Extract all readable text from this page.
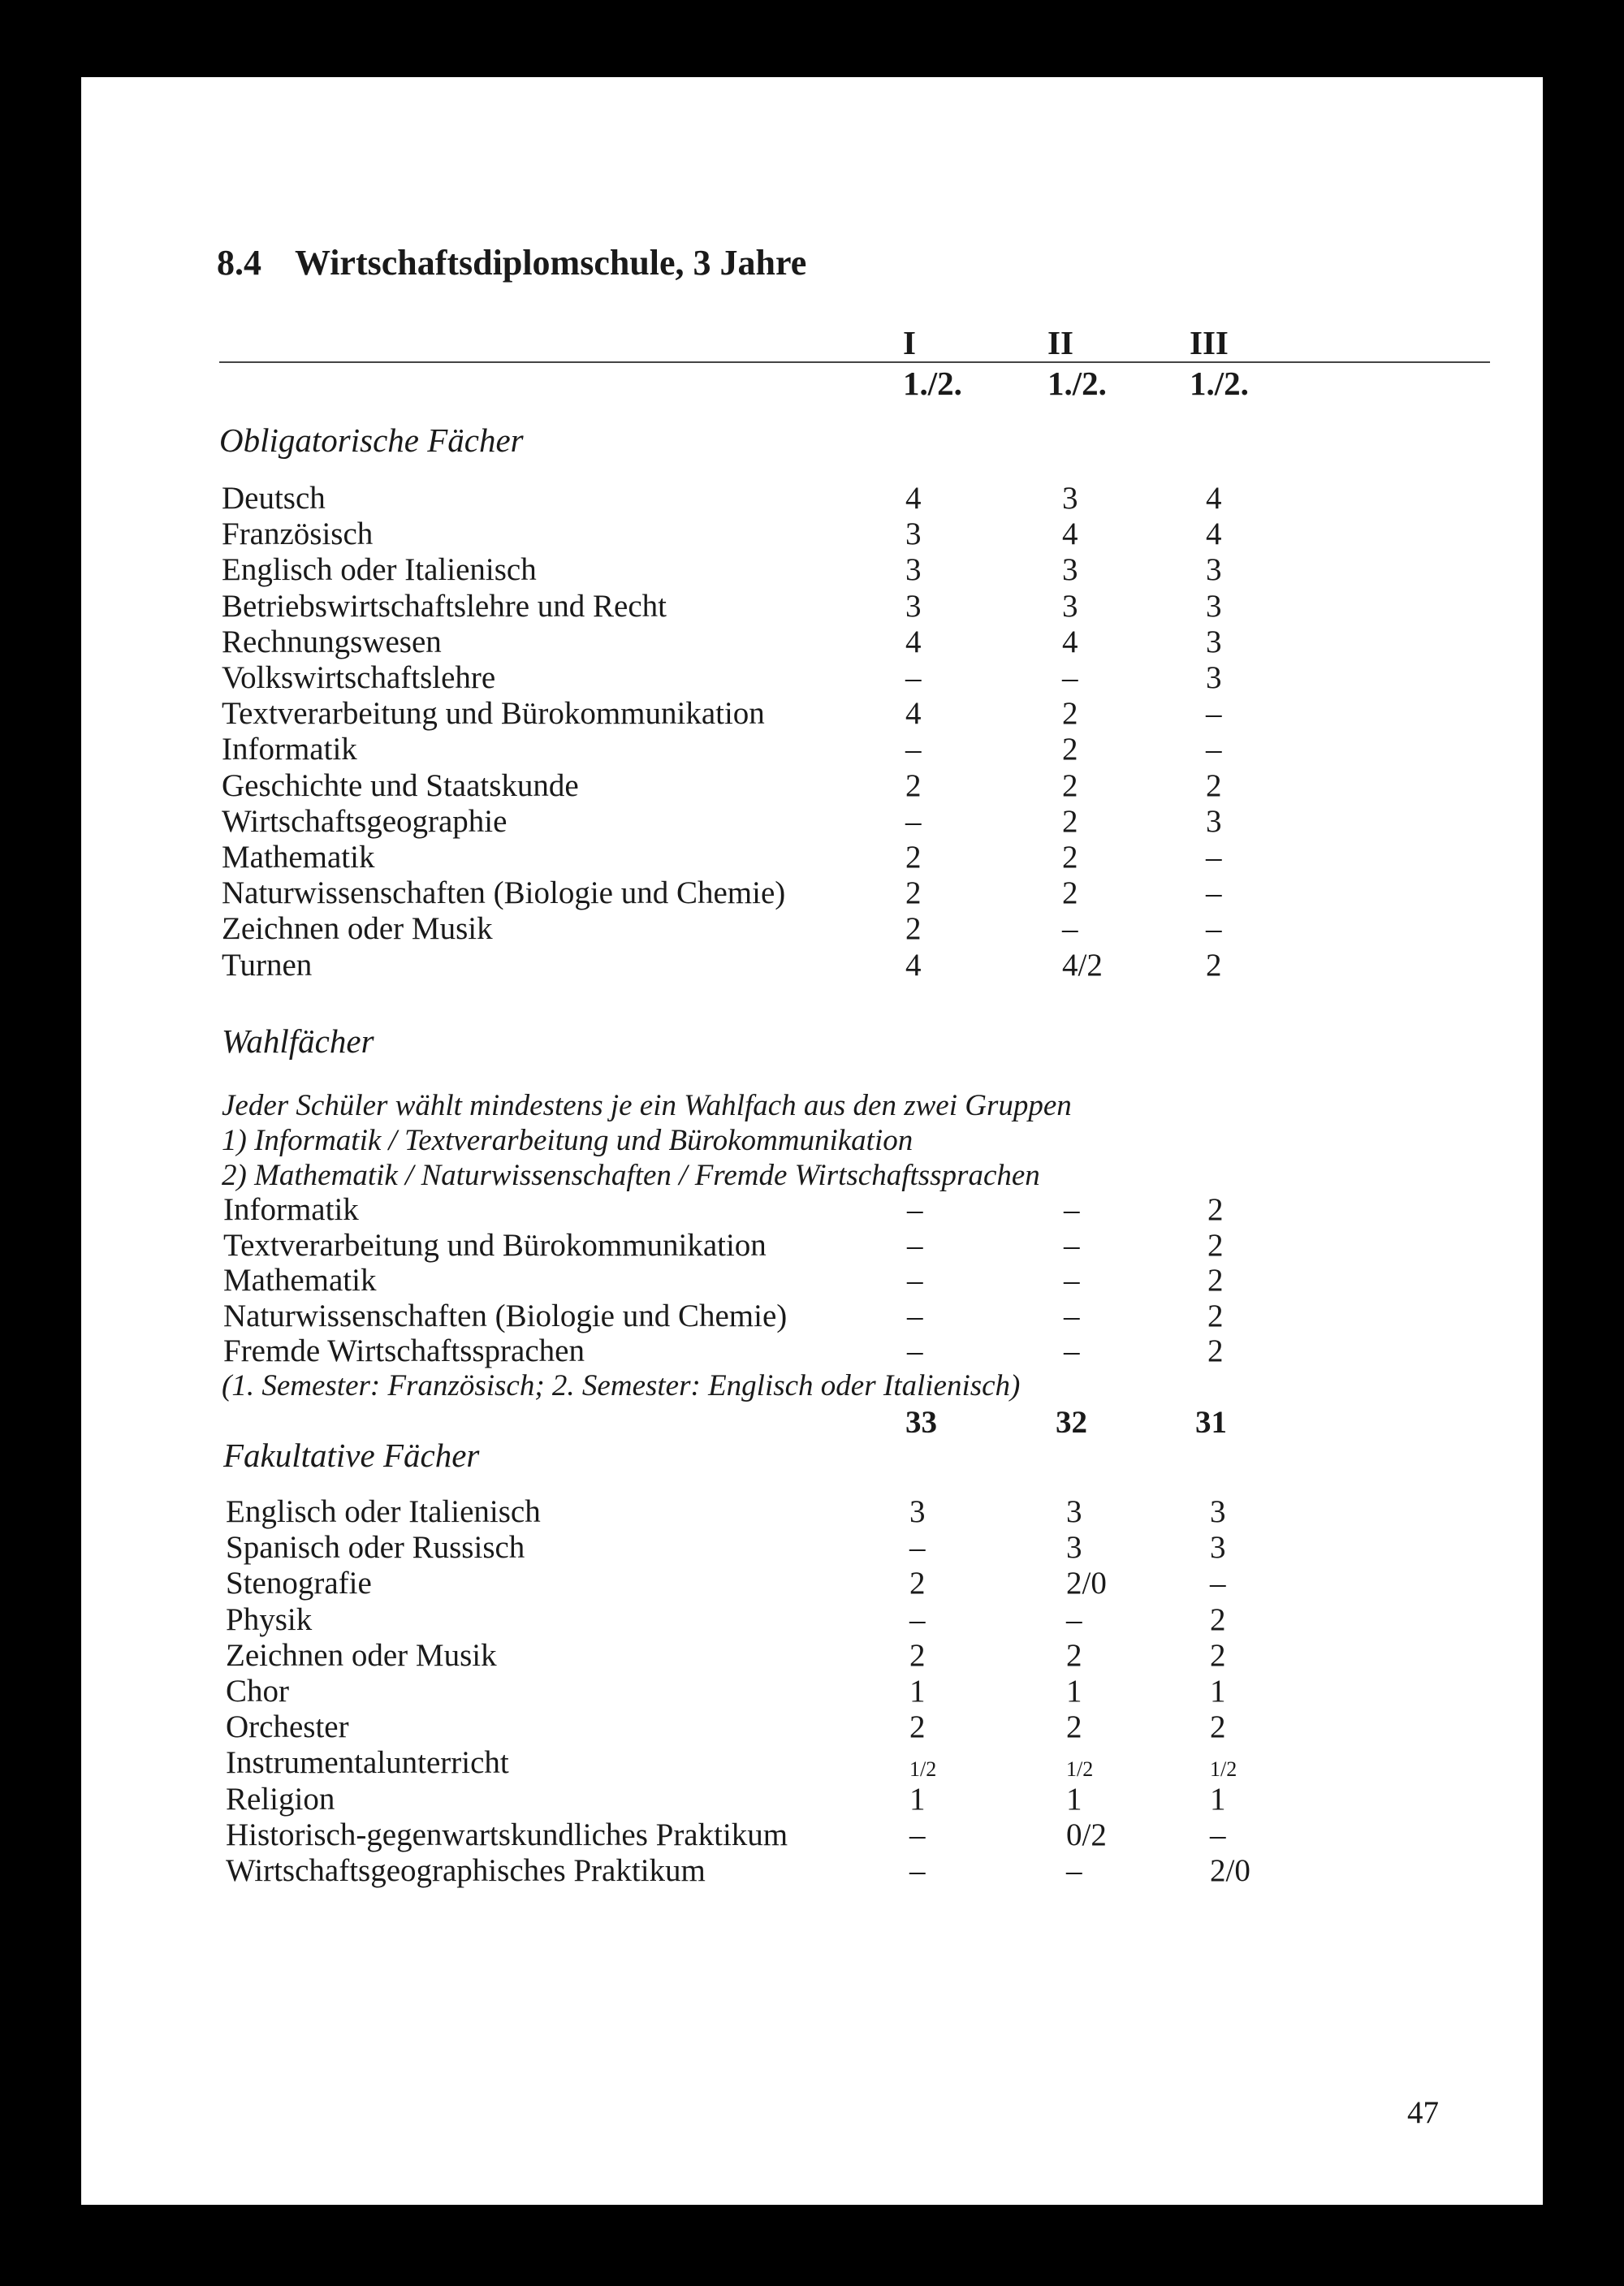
8.4 Wirtschaftsdiplomschule, 3 Jahre
I	II	III
1./2.	1./2. 1./2.
Obligatorische Fächer
Deutsch	4	3	4
Französisch	3	4	4
Englisch oder Italienisch	3	3	3
Betriebswirtschaftslehre und Recht	3	3	3
Rechnungswesen	4	4	3
Volkswirtschaftslehre	–	–	3
Textverarbeitung und Bürokommunikation	4	2	–
Informatik	–	2	–
Geschichte und Staatskunde	2	2	2
Wirtschaftsgeographie	–	2	3
Mathematik	2	2	–
Naturwissenschaften (Biologie und Chemie)	2	2	–
Zeichnen oder Musik	2	–	–
Turnen	4	4/2	2
Wahlfächer
Jeder Schüler wählt mindestens je ein Wahlfach aus den zwei Gruppen
1) Informatik / Textverarbeitung und Bürokommunikation
2) Mathematik / Naturwissenschaften / Fremde Wirtschaftssprachen
Informatik	–	–	2
Textverarbeitung und Bürokommunikation	–	–	2
Mathematik	–	–	2
Naturwissenschaften (Biologie und Chemie)	–	–	2
Fremde Wirtschaftssprachen	–	–	2
(1. Semester: Französisch; 2. Semester: Englisch oder Italienisch)
33	32	31
Fakultative Fächer
Englisch oder Italienisch	3	3	3
Spanisch oder Russisch	–	3	3
Stenografie	2	2/0	–
Physik	–	–	2
Zeichnen oder Musik	2	2	2
Chor	1	1	1
Orchester	2	2	2
Instrumentalunterricht	1/2	1/2	1/2
Religion	1	1	1
Historisch-gegenwartskundliches Praktikum	–	0/2	–
Wirtschaftsgeographisches Praktikum	–	–	2/0
47
